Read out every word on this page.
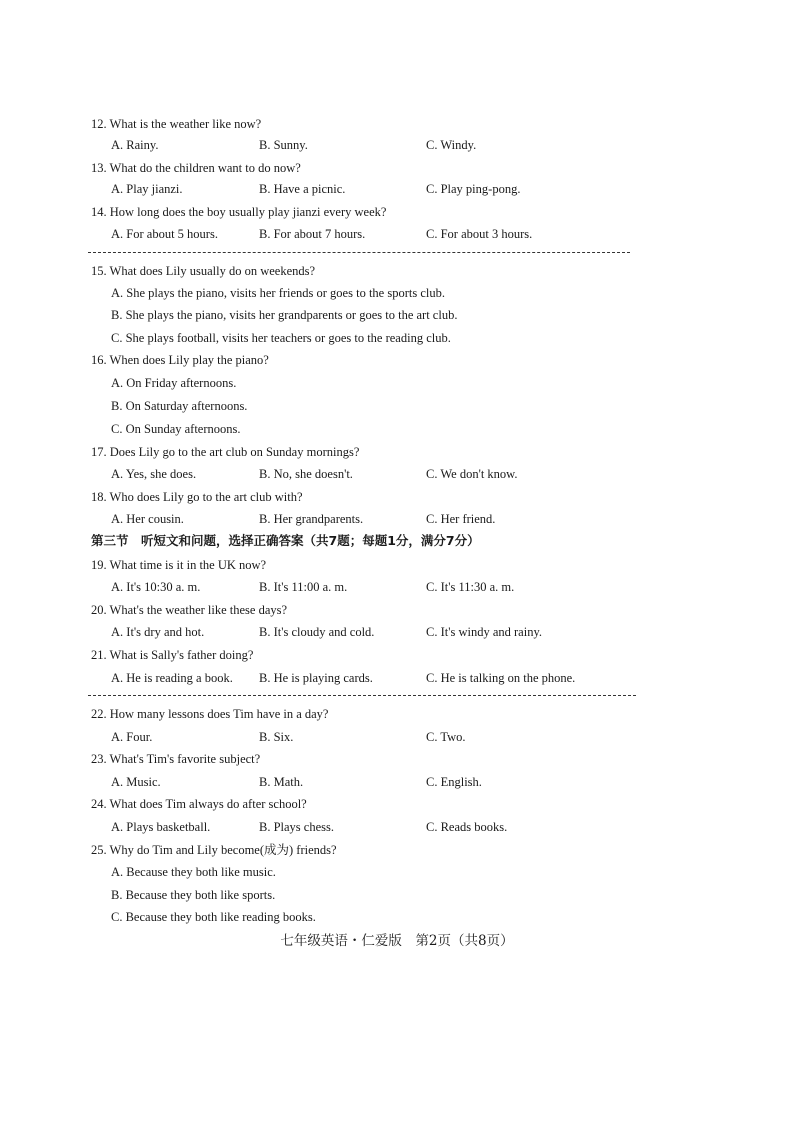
12. What is the weather like now?
A. Rainy.	B. Sunny.	C. Windy.
13. What do the children want to do now?
A. Play jianzi.	B. Have a picnic.	C. Play ping-pong.
14. How long does the boy usually play jianzi every week?
A. For about 5 hours.	B. For about 7 hours.	C. For about 3 hours.
15. What does Lily usually do on weekends?
A. She plays the piano, visits her friends or goes to the sports club.
B. She plays the piano, visits her grandparents or goes to the art club.
C. She plays football, visits her teachers or goes to the reading club.
16. When does Lily play the piano?
A. On Friday afternoons.
B. On Saturday afternoons.
C. On Sunday afternoons.
17. Does Lily go to the art club on Sunday mornings?
A. Yes, she does.	B. No, she doesn't.	C. We don't know.
18. Who does Lily go to the art club with?
A. Her cousin.	B. Her grandparents.	C. Her friend.
第三节　听短文和问题，选择正确答案（共7题；每题1分，满分7分）
19. What time is it in the UK now?
A. It's 10:30 a. m.	B. It's 11:00 a. m.	C. It's 11:30 a. m.
20. What's the weather like these days?
A. It's dry and hot.	B. It's cloudy and cold.	C. It's windy and rainy.
21. What is Sally's father doing?
A. He is reading a book. B. He is playing cards.	C. He is talking on the phone.
22. How many lessons does Tim have in a day?
A. Four.	B. Six.	C. Two.
23. What's Tim's favorite subject?
A. Music.	B. Math.	C. English.
24. What does Tim always do after school?
A. Plays basketball.	B. Plays chess.	C. Reads books.
25. Why do Tim and Lily become(成为) friends?
A. Because they both like music.
B. Because they both like sports.
C. Because they both like reading books.
七年级英语・仁爱版　第2页（共8页）
